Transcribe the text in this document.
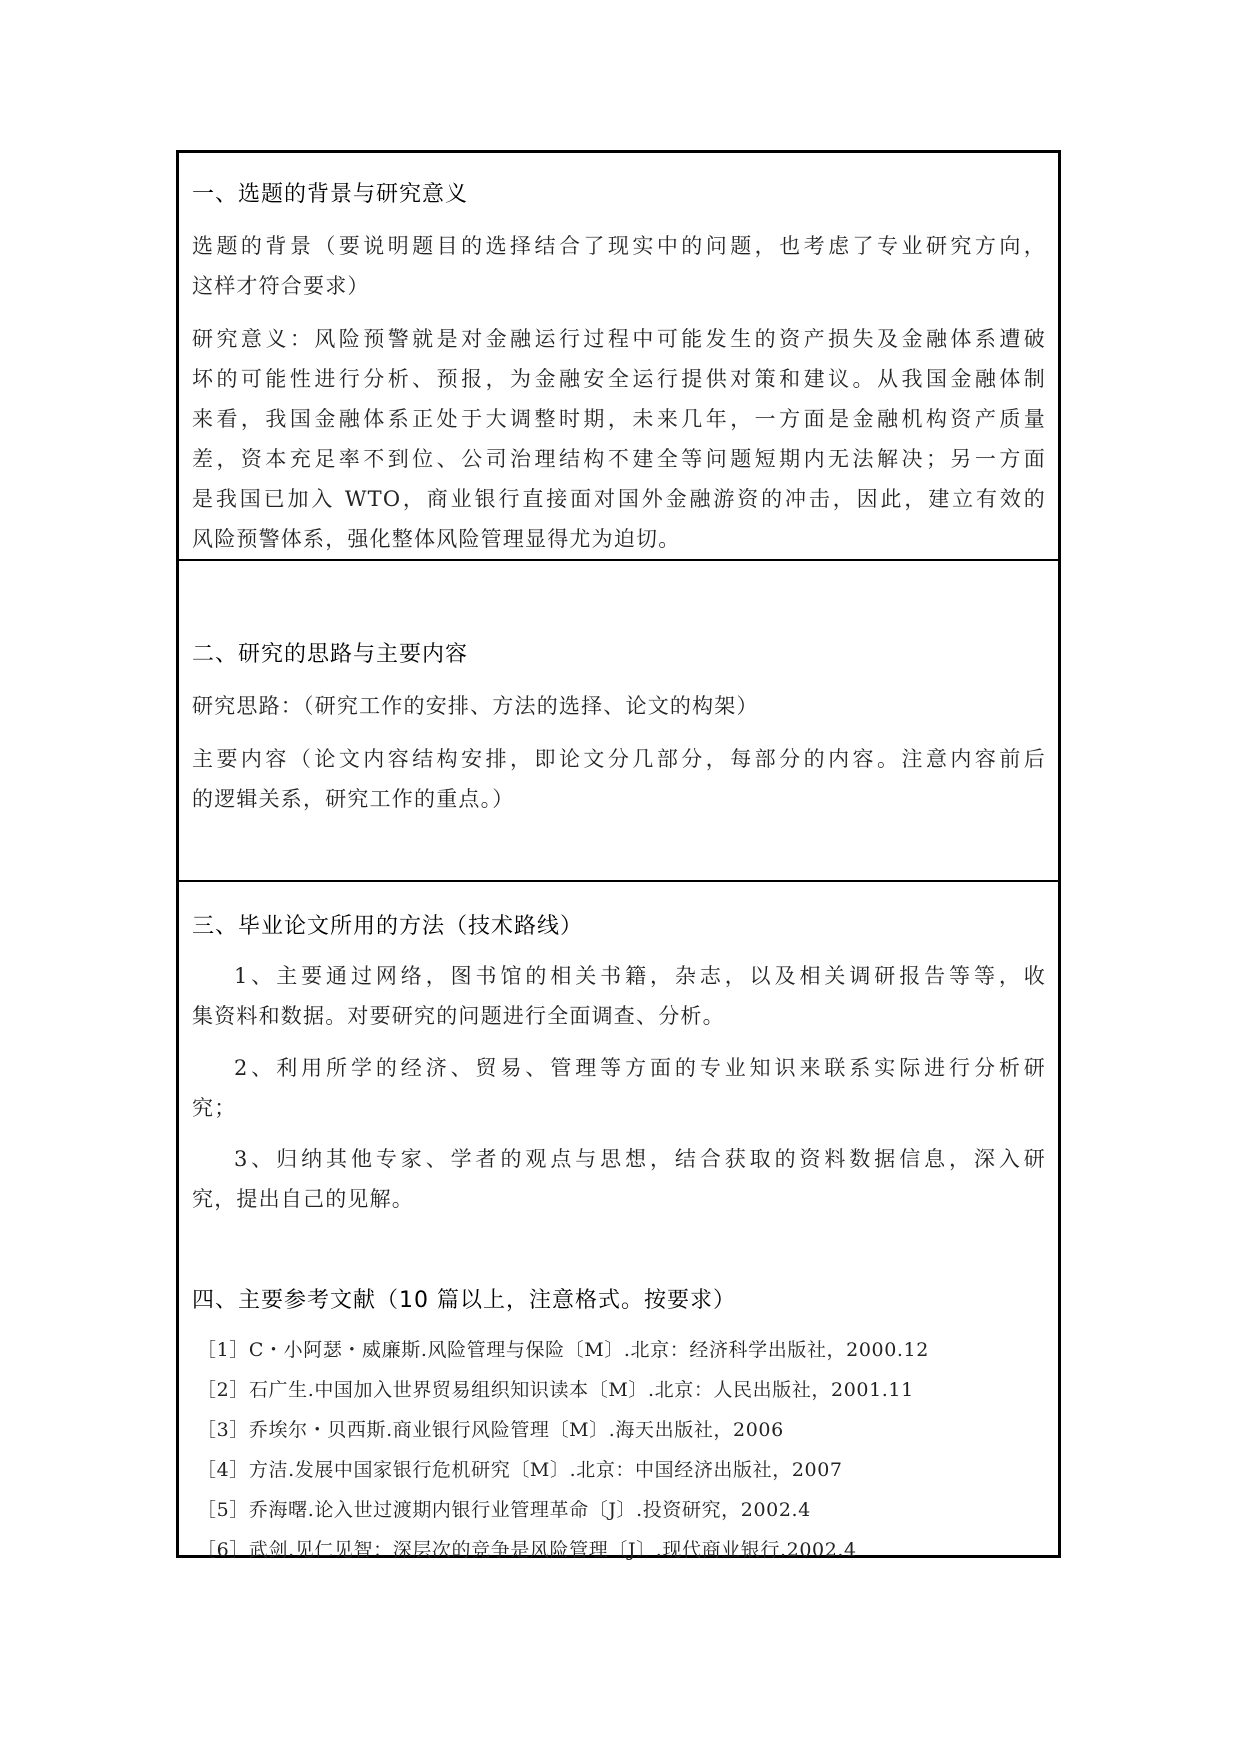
一、选题的背景与研究意义
选题的背景（要说明题目的选择结合了现实中的问题，也考虑了专业研究方向，
这样才符合要求）
研究意义：风险预警就是对金融运行过程中可能发生的资产损失及金融体系遭破
坏的可能性进行分析、预报，为金融安全运行提供对策和建议。从我国金融体制
来看，我国金融体系正处于大调整时期，未来几年，一方面是金融机构资产质量
差，资本充足率不到位、公司治理结构不建全等问题短期内无法解决；另一方面
是我国已加入 WTO，商业银行直接面对国外金融游资的冲击，因此，建立有效的
风险预警体系，强化整体风险管理显得尤为迫切。
二、研究的思路与主要内容
研究思路：（研究工作的安排、方法的选择、论文的构架）
主要内容（论文内容结构安排，即论文分几部分，每部分的内容。注意内容前后
的逻辑关系，研究工作的重点。）
三、毕业论文所用的方法（技术路线）
1、主要通过网络，图书馆的相关书籍，杂志，以及相关调研报告等等，收
集资料和数据。对要研究的问题进行全面调查、分析。
2、利用所学的经济、贸易、管理等方面的专业知识来联系实际进行分析研
究；
3、归纳其他专家、学者的观点与思想，结合获取的资料数据信息，深入研
究，提出自己的见解。
四、主要参考文献（10 篇以上，注意格式。按要求）
［1］C・小阿瑟・威廉斯.风险管理与保险〔M〕.北京：经济科学出版社，2000.12
［2］石广生.中国加入世界贸易组织知识读本〔M〕.北京：人民出版社，2001.11
［3］乔埃尔・贝西斯.商业银行风险管理〔M〕.海天出版社，2006
［4］方洁.发展中国家银行危机研究〔M〕.北京：中国经济出版社，2007
［5］乔海曙.论入世过渡期内银行业管理革命〔J〕.投资研究，2002.4
［6］武剑.见仁见智：深层次的竞争是风险管理〔J〕.现代商业银行.2002.4
